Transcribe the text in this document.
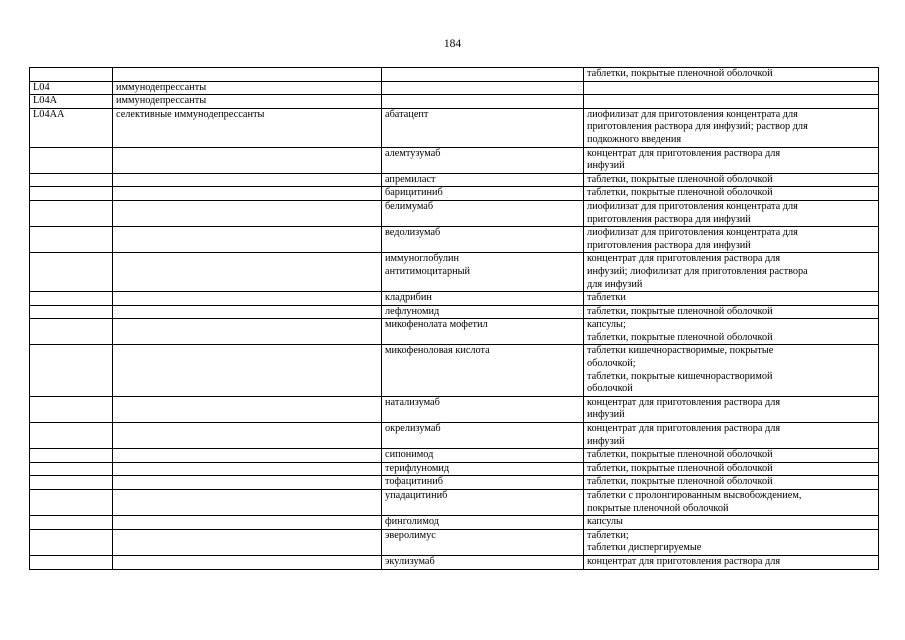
184
			таблетки, покрытые пленочной оболочкой
L04	иммунодепрессанты		
L04A	иммунодепрессанты		
L04AA	селективные иммунодепрессанты	абатацепт	лиофилизат для приготовления концентрата для
приготовления раствора для инфузий; раствор для
подкожного введения
		алемтузумаб	концентрат для приготовления раствора для
инфузий
		апремиласт	таблетки, покрытые пленочной оболочкой
		барицитиниб	таблетки, покрытые пленочной оболочкой
		белимумаб	лиофилизат для приготовления концентрата для
приготовления раствора для инфузий
		ведолизумаб	лиофилизат для приготовления концентрата для
приготовления раствора для инфузий
		иммуноглобулин
антитимоцитарный	концентрат для приготовления раствора для
инфузий; лиофилизат для приготовления раствора
для инфузий
		кладрибин	таблетки
		лефлуномид	таблетки, покрытые пленочной оболочкой
		микофенолата мофетил	капсулы;
таблетки, покрытые пленочной оболочкой
		микофеноловая кислота	таблетки кишечнорастворимые, покрытые
оболочкой;
таблетки, покрытые кишечнорастворимой
оболочкой
		натализумаб	концентрат для приготовления раствора для
инфузий
		окрелизумаб	концентрат для приготовления раствора для
инфузий
		сипонимод	таблетки, покрытые пленочной оболочкой
		терифлуномид	таблетки, покрытые пленочной оболочкой
		тофацитиниб	таблетки, покрытые пленочной оболочкой
		упадацитиниб	таблетки с пролонгированным высвобождением,
покрытые пленочной оболочкой
		финголимод	капсулы
		эверолимус	таблетки;
таблетки диспергируемые
		экулизумаб	концентрат для приготовления раствора для
